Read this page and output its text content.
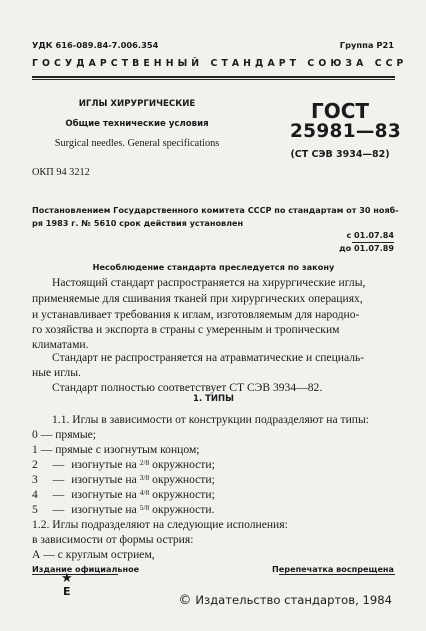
УДК 616-089.84-7.006.354	Группа Р21
ГОСУДАРСТВЕННЫЙ СТАНДАРТ СОЮЗА ССР
ИГЛЫ ХИРУРГИЧЕСКИЕ
Общие технические условия
Surgical needles. General specifications
ГОСТ
25981—83
(СТ СЭВ 3934—82)
ОКП 94 3212
Постановлением Государственного комитета СССР по стандартам от 30 нояб-
ря 1983 г. № 5610 срок действия установлен
с 01.07.84
до 01.07.89
Несоблюдение стандарта преследуется по закону
Настоящий стандарт распространяется на хирургические иглы,
применяемые для сшивания тканей при хирургических операциях,
и устанавливает требования к иглам, изготовляемым для народно-
го хозяйства и экспорта в страны с умеренным и тропическим
климатами.
Стандарт не распространяется на атравматические и специаль-
ные иглы.
Стандарт полностью соответствует СТ СЭВ 3934—82.
1. ТИПЫ
1.1. Иглы в зависимости от конструкции подразделяют на типы:
0 — прямые;
1 — прямые с изогнутым концом;
2 — изогнутые на $^{2/8}$ окружности;
3 — изогнутые на $^{3/8}$ окружности;
4 — изогнутые на $^{4/8}$ окружности;
5 — изогнутые на $^{5/8}$ окружности.
1.2. Иглы подразделяют на следующие исполнения:
в зависимости от формы острия:
А — с круглым острием,
Издание официальное	Перепечатка воспрещена
★
Е
© Издательство стандартов, 1984
